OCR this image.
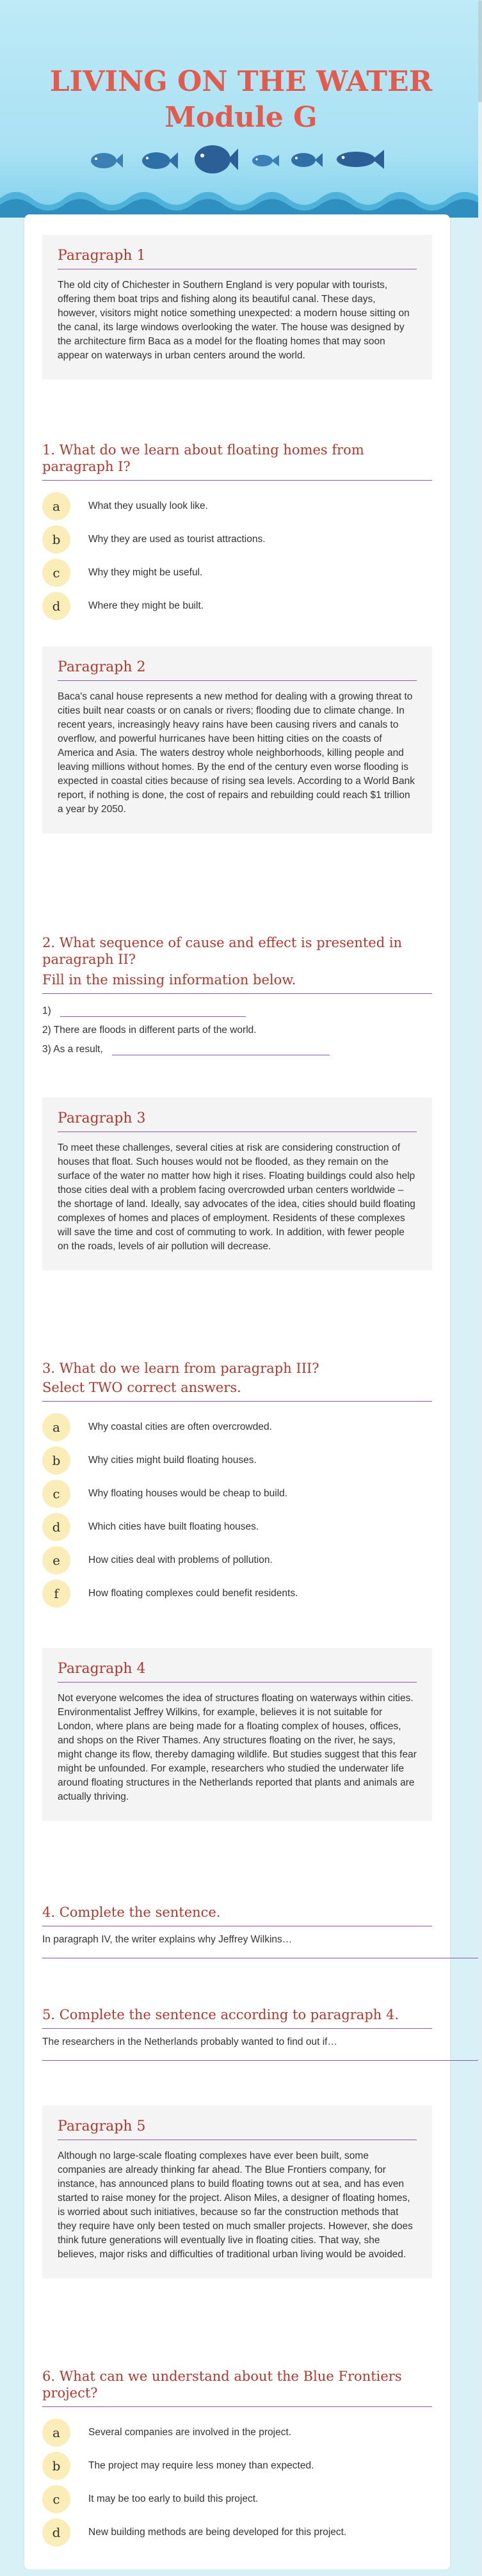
LIVING ON THE WATER Module G
Paragraph 1

The old city of Chichester in Southern England is very popular with tourists, offering them boat trips and fishing along its beautiful canal. These days, however, visitors might notice something unexpected: a modern house sitting on the canal, its large windows overlooking the water. The house was designed by the architecture firm Baca as a model for the floating homes that may soon appear on waterways in urban centers around the world.

1. What do we learn about floating homes from paragraph I?
a	What they usually look like.
b	Why they are used as tourist attractions.
c	Why they might be useful.
d	Where they might be built.
Paragraph 2

Baca's canal house represents a new method for dealing with a growing threat to cities built near coasts or on canals or rivers; flooding due to climate change. In recent years, increasingly heavy rains have been causing rivers and canals to overflow, and powerful hurricanes have been hitting cities on the coasts of America and Asia. The waters destroy whole neighborhoods, killing people and leaving millions without homes. By the end of the century even worse flooding is expected in coastal cities because of rising sea levels. According to a World Bank report, if nothing is done, the cost of repairs and rebuilding could reach $1 trillion a year by 2050.

2. What sequence of cause and effect is presented in paragraph II?
Fill in the missing information below.
1)
2) There are floods in different parts of the world.
3) As a result,
Paragraph 3

To meet these challenges, several cities at risk are considering construction of houses that float. Such houses would not be flooded, as they remain on the surface of the water no matter how high it rises. Floating buildings could also help those cities deal with a problem facing overcrowded urban centers worldwide – the shortage of land. Ideally, say advocates of the idea, cities should build floating complexes of homes and places of employment. Residents of these complexes will save the time and cost of commuting to work. In addition, with fewer people on the roads, levels of air pollution will decrease.

3. What do we learn from paragraph III?
Select TWO correct answers.
a	Why coastal cities are often overcrowded.
b	Why cities might build floating houses.
c	Why floating houses would be cheap to build.
d	Which cities have built floating houses.
e	How cities deal with problems of pollution.
f	How floating complexes could benefit residents.
Paragraph 4

Not everyone welcomes the idea of structures floating on waterways within cities. Environmentalist Jeffrey Wilkins, for example, believes it is not suitable for London, where plans are being made for a floating complex of houses, offices, and shops on the River Thames. Any structures floating on the river, he says, might change its flow, thereby damaging wildlife. But studies suggest that this fear might be unfounded. For example, researchers who studied the underwater life around floating structures in the Netherlands reported that plants and animals are actually thriving.

4. Complete the sentence.
In paragraph IV, the writer explains why Jeffrey Wilkins…
5. Complete the sentence according to paragraph 4.
The researchers in the Netherlands probably wanted to find out if…
Paragraph 5

Although no large-scale floating complexes have ever been built, some companies are already thinking far ahead. The Blue Frontiers company, for instance, has announced plans to build floating towns out at sea, and has even started to raise money for the project. Alison Miles, a designer of floating homes, is worried about such initiatives, because so far the construction methods that they require have only been tested on much smaller projects. However, she does think future generations will eventually live in floating cities. That way, she believes, major risks and difficulties of traditional urban living would be avoided.

6. What can we understand about the Blue Frontiers project?
a	Several companies are involved in the project.
b	The project may require less money than expected.
c	It may be too early to build this project.
d	New building methods are being developed for this project.
